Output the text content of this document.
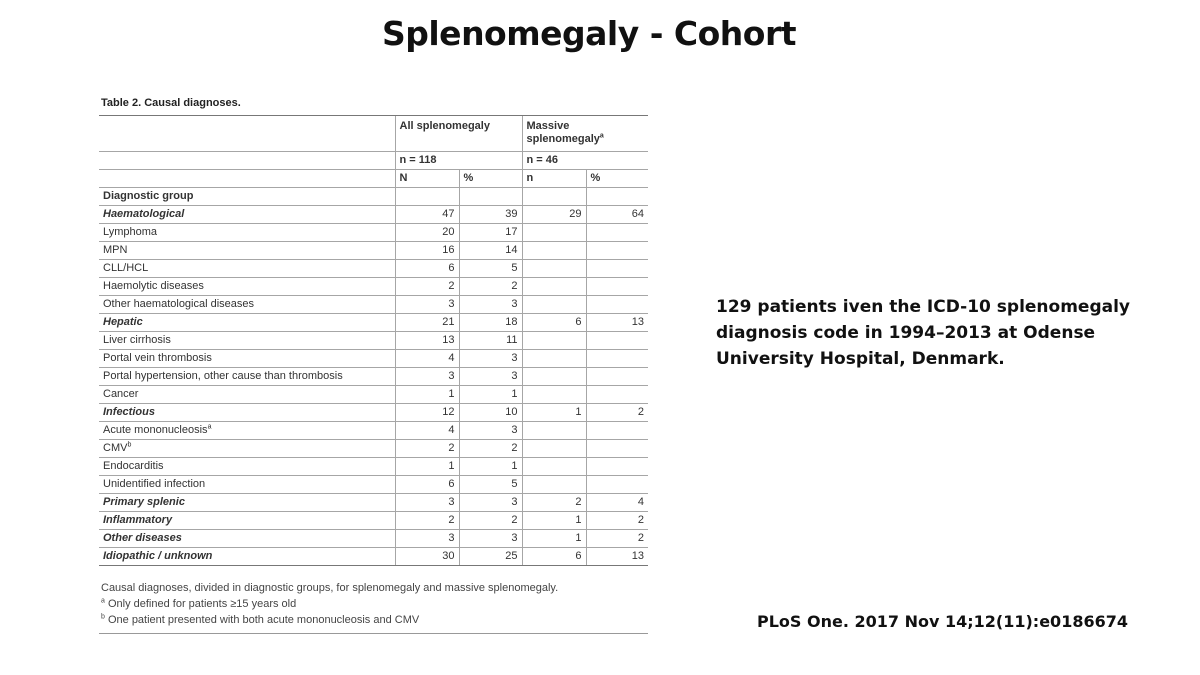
Splenomegaly - Cohort
Table 2. Causal diagnoses.
	All splenomegaly		Massive splenomegaly$^a$
	n = 118		n = 46	
	N	%	n	%
Diagnostic group				
Haematological	47	39	29	64
Lymphoma	20	17		
MPN	16	14		
CLL/HCL	6	5		
Haemolytic diseases	2	2		
Other haematological diseases	3	3		
Hepatic	21	18	6	13
Liver cirrhosis	13	11		
Portal vein thrombosis	4	3		
Portal hypertension, other cause than thrombosis	3	3		
Cancer	1	1		
Infectious	12	10	1	2
Acute mononucleosis$^a$	4	3		
CMV$^b$	2	2		
Endocarditis	1	1		
Unidentified infection	6	5		
Primary splenic	3	3	2	4
Inflammatory	2	2	1	2
Other diseases	3	3	1	2
Idiopathic / unknown	30	25	6	13
Causal diagnoses, divided in diagnostic groups, for splenomegaly and massive splenomegaly.
$^a$ Only defined for patients ≥15 years old
$^b$ One patient presented with both acute mononucleosis and CMV
129 patients iven the ICD-10 splenomegaly diagnosis code in 1994–2013 at Odense University Hospital, Denmark.
PLoS One. 2017 Nov 14;12(11):e0186674
